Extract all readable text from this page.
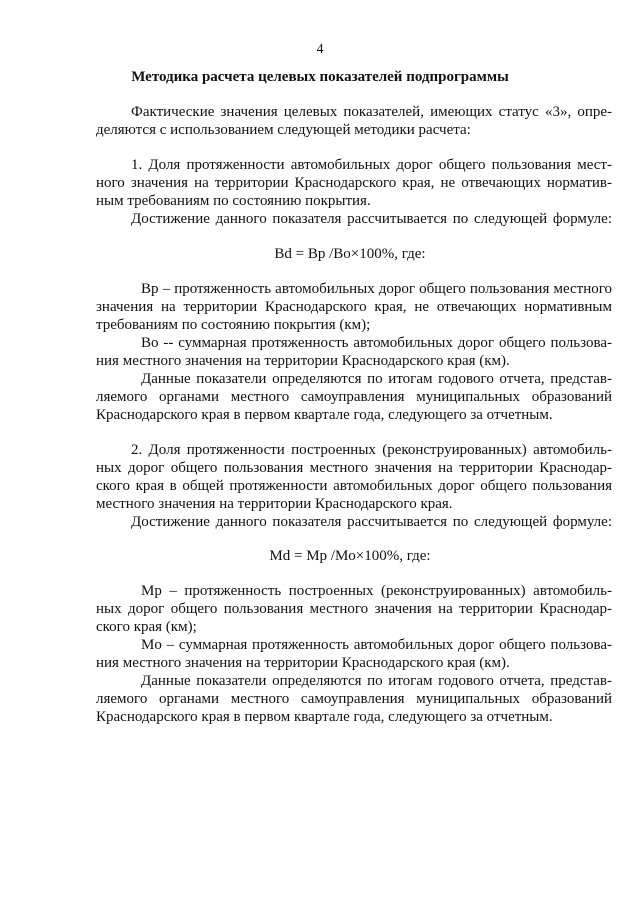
4
Методика расчета целевых показателей подпрограммы
Фактические значения целевых показателей, имеющих статус «3», опре-
деляются с использованием следующей методики расчета:
1. Доля протяженности автомобильных дорог общего пользования мест-
ного значения на территории Краснодарского края, не отвечающих норматив-
ным требованиям по состоянию покрытия.
Достижение данного показателя рассчитывается по следующей формуле:
Bd = Bp /Bo×100%, где:
Bp – протяженность автомобильных дорог общего пользования местного
значения на территории Краснодарского края, не отвечающих нормативным
требованиям по состоянию покрытия (км);
Bo -- суммарная протяженность автомобильных дорог общего пользова-
ния местного значения на территории Краснодарского края (км).
Данные показатели определяются по итогам годового отчета, представ-
ляемого органами местного самоуправления муниципальных образований
Краснодарского края в первом квартале года, следующего за отчетным.
2. Доля протяженности построенных (реконструированных) автомобиль-
ных дорог общего пользования местного значения на территории Краснодар-
ского края в общей протяженности автомобильных дорог общего пользования
местного значения на территории Краснодарского края.
Достижение данного показателя рассчитывается по следующей формуле:
Md = Mp /Mo×100%, где:
Mp – протяженность построенных (реконструированных) автомобиль-
ных дорог общего пользования местного значения на территории Краснодар-
ского края (км);
Mo – суммарная протяженность автомобильных дорог общего пользова-
ния местного значения на территории Краснодарского края (км).
Данные показатели определяются по итогам годового отчета, представ-
ляемого органами местного самоуправления муниципальных образований
Краснодарского края в первом квартале года, следующего за отчетным.
